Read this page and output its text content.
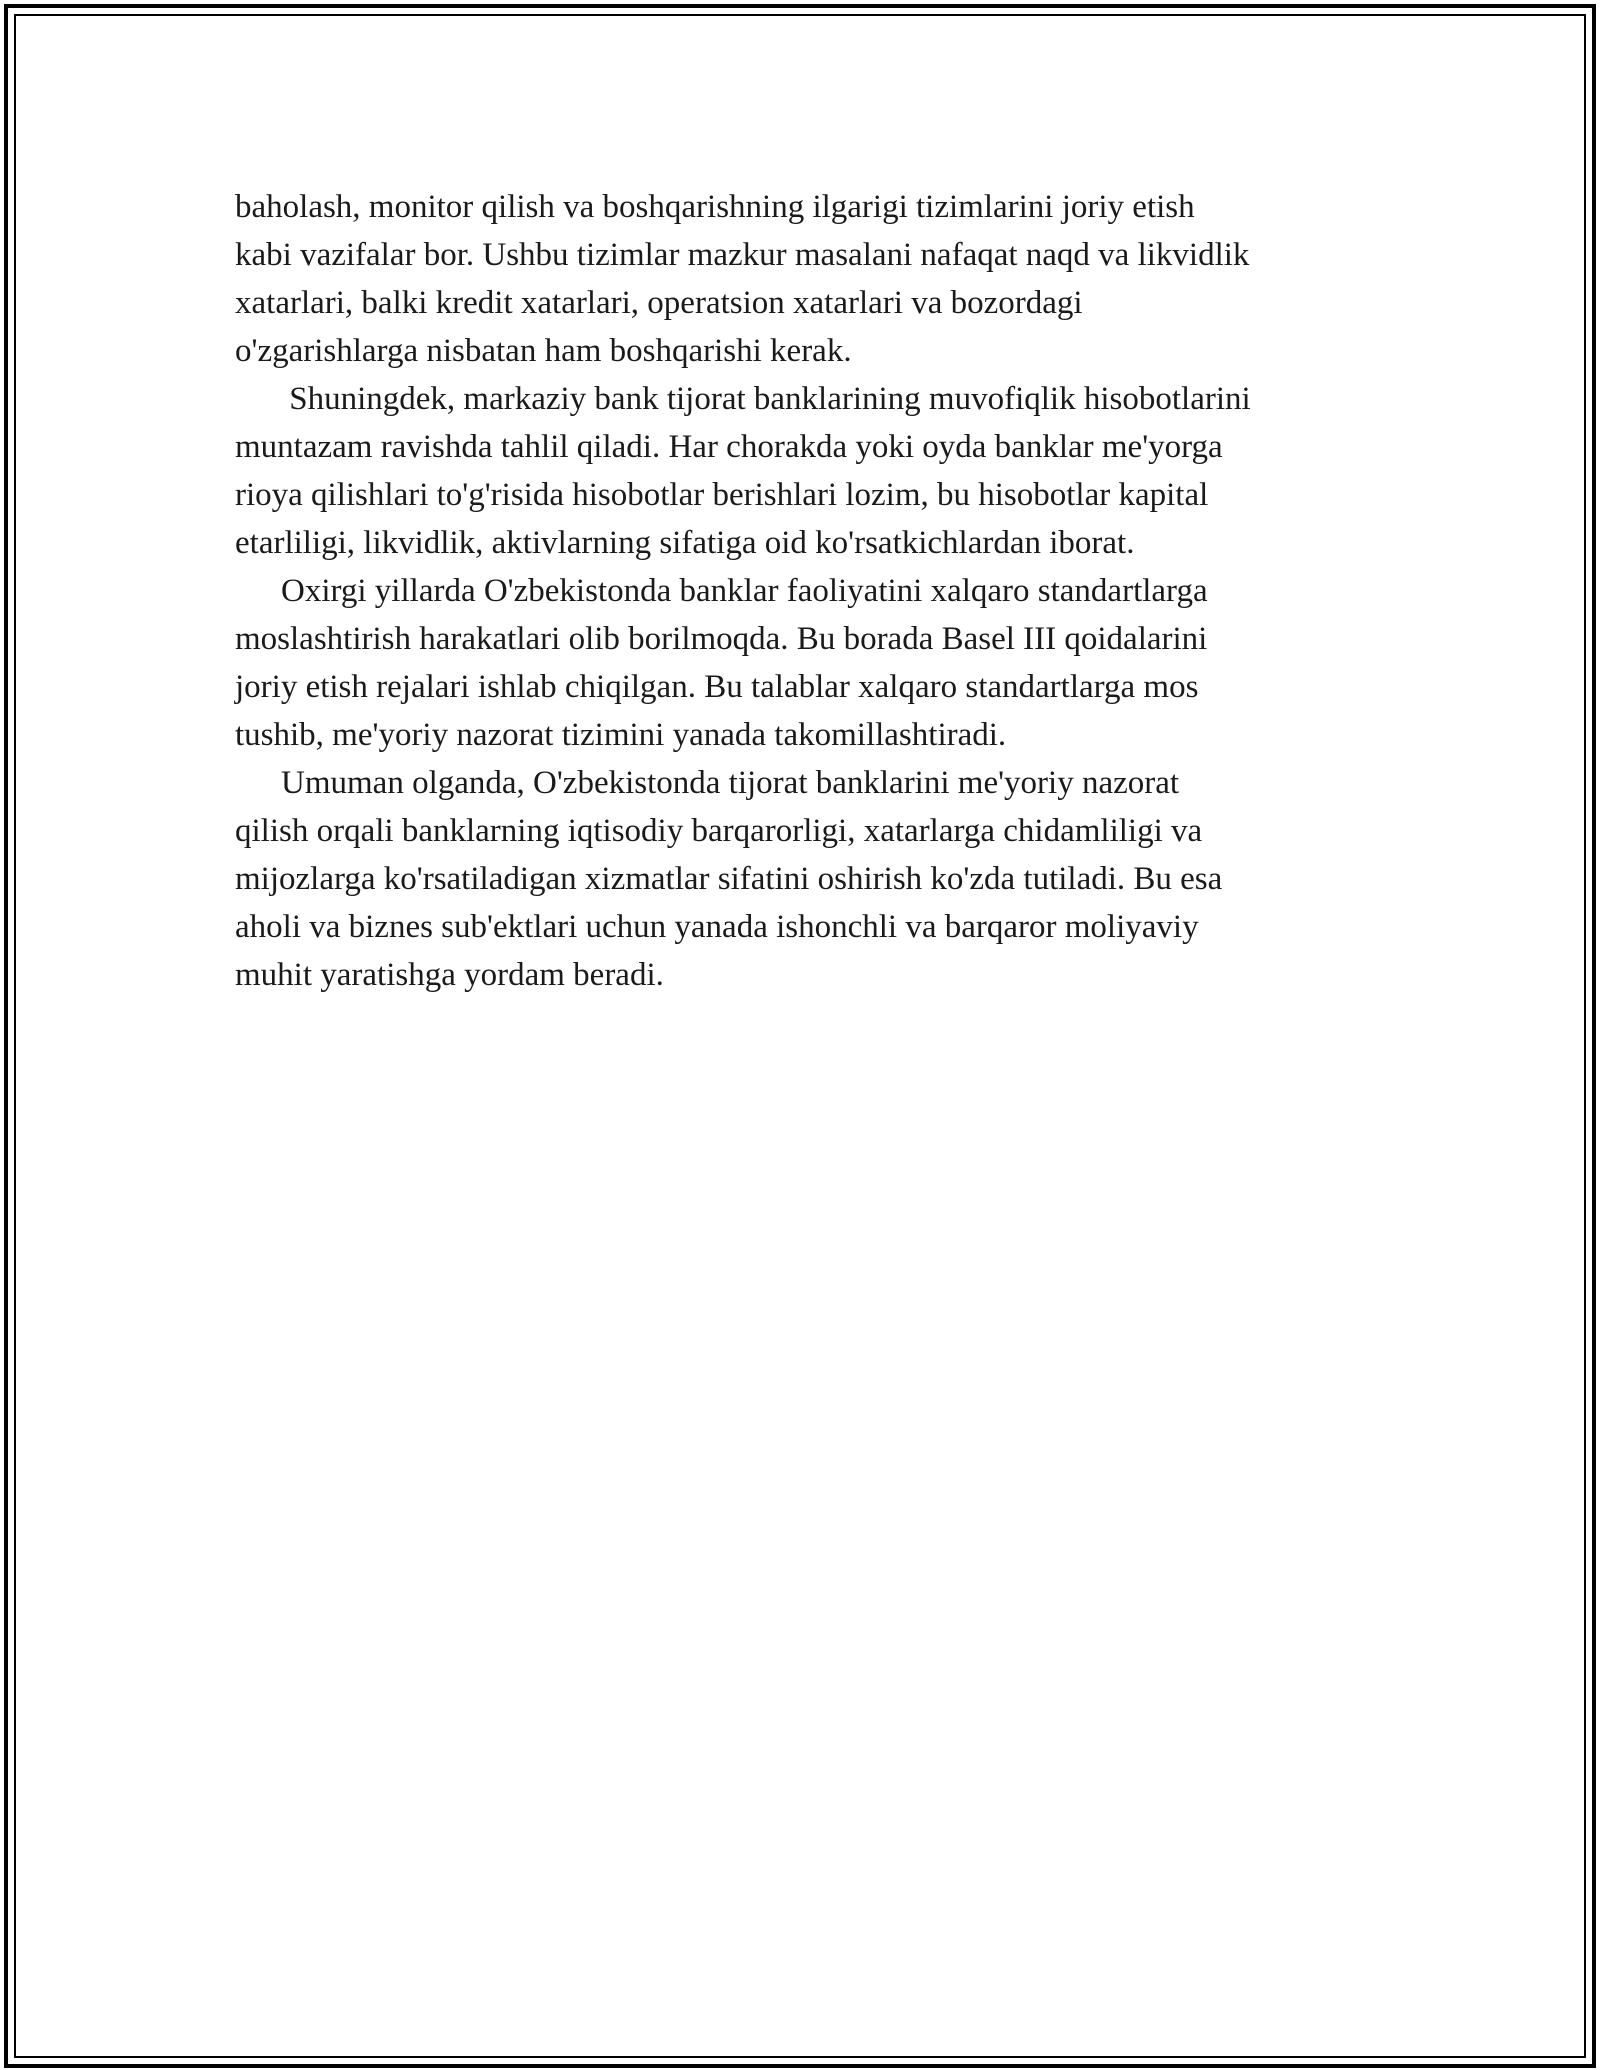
baholash, monitor qilish va boshqarishning ilgarigi tizimlarini joriy etish
kabi vazifalar bor. Ushbu tizimlar mazkur masalani nafaqat naqd va likvidlik
xatarlari, balki kredit xatarlari, operatsion xatarlari va bozordagi
o'zgarishlarga nisbatan ham boshqarishi kerak.
Shuningdek, markaziy bank tijorat banklarining muvofiqlik hisobotlarini
muntazam ravishda tahlil qiladi. Har chorakda yoki oyda banklar me'yorga
rioya qilishlari to'g'risida hisobotlar berishlari lozim, bu hisobotlar kapital
etarliligi, likvidlik, aktivlarning sifatiga oid ko'rsatkichlardan iborat.
Oxirgi yillarda O'zbekistonda banklar faoliyatini xalqaro standartlarga
moslashtirish harakatlari olib borilmoqda. Bu borada Basel III qoidalarini
joriy etish rejalari ishlab chiqilgan. Bu talablar xalqaro standartlarga mos
tushib, me'yoriy nazorat tizimini yanada takomillashtiradi.
Umuman olganda, O'zbekistonda tijorat banklarini me'yoriy nazorat
qilish orqali banklarning iqtisodiy barqarorligi, xatarlarga chidamliligi va
mijozlarga ko'rsatiladigan xizmatlar sifatini oshirish ko'zda tutiladi. Bu esa
aholi va biznes sub'ektlari uchun yanada ishonchli va barqaror moliyaviy
muhit yaratishga yordam beradi.
